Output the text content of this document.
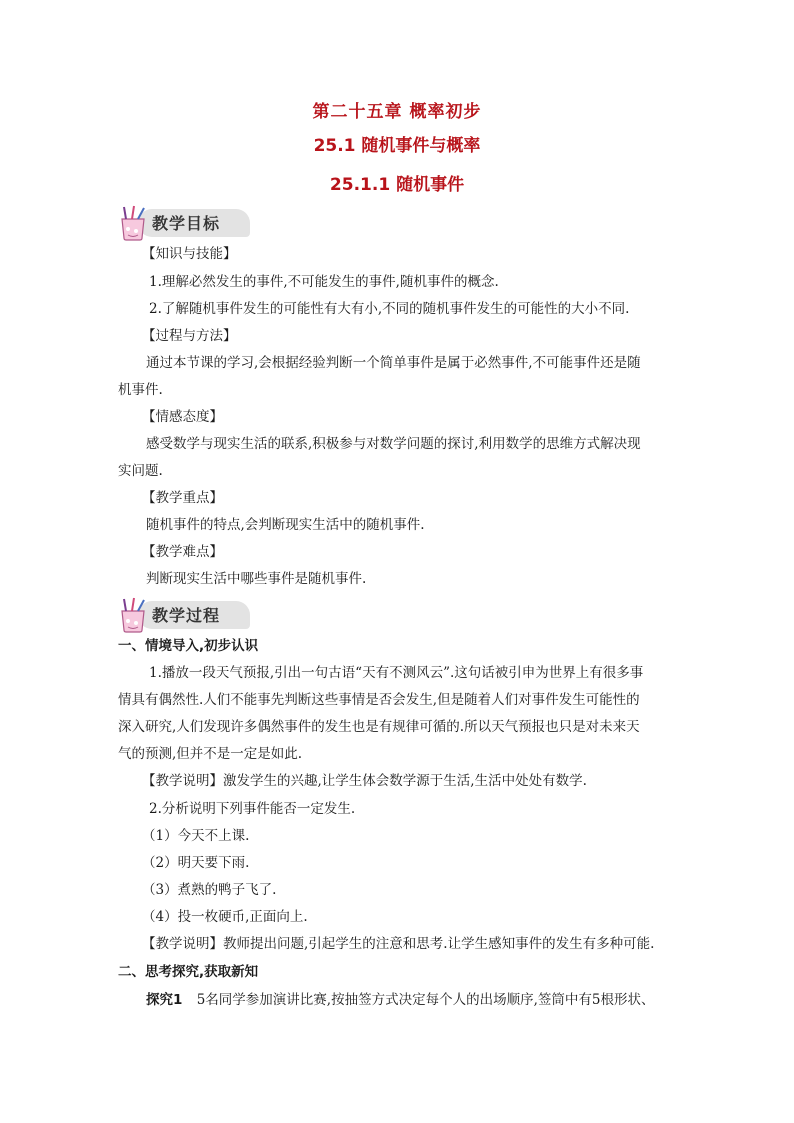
第二十五章 概率初步
25.1 随机事件与概率
25.1.1 随机事件
教学目标
【知识与技能】
1.理解必然发生的事件,不可能发生的事件,随机事件的概念.
2.了解随机事件发生的可能性有大有小,不同的随机事件发生的可能性的大小不同.
【过程与方法】
通过本节课的学习,会根据经验判断一个简单事件是属于必然事件,不可能事件还是随
机事件.
【情感态度】
感受数学与现实生活的联系,积极参与对数学问题的探讨,利用数学的思维方式解决现
实问题.
【教学重点】
随机事件的特点,会判断现实生活中的随机事件.
【教学难点】
判断现实生活中哪些事件是随机事件.
教学过程
一、情境导入,初步认识
1.播放一段天气预报,引出一句古语“天有不测风云”.这句话被引申为世界上有很多事
情具有偶然性.人们不能事先判断这些事情是否会发生,但是随着人们对事件发生可能性的
深入研究,人们发现许多偶然事件的发生也是有规律可循的.所以天气预报也只是对未来天
气的预测,但并不是一定是如此.
【教学说明】激发学生的兴趣,让学生体会数学源于生活,生活中处处有数学.
2.分析说明下列事件能否一定发生.
（1）今天不上课.
（2）明天要下雨.
（3）煮熟的鸭子飞了.
（4）投一枚硬币,正面向上.
【教学说明】教师提出问题,引起学生的注意和思考.让学生感知事件的发生有多种可能.
二、思考探究,获取新知
探究1 5名同学参加演讲比赛,按抽签方式决定每个人的出场顺序,签筒中有5根形状、
